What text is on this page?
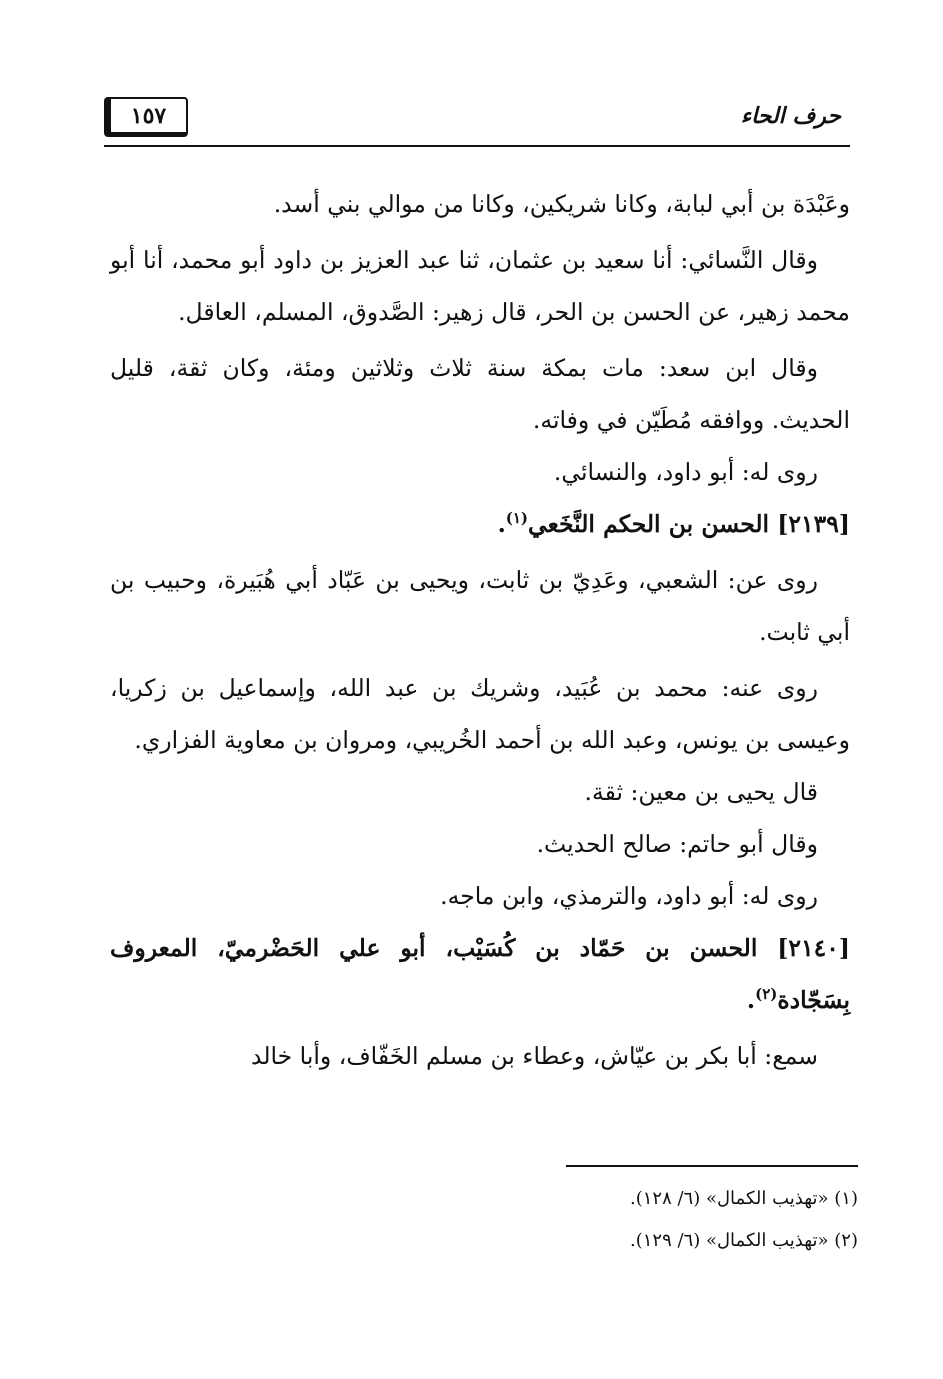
حرف الحاء
١٥٧

وعَبْدَة بن أبي لبابة، وكانا شريكين، وكانا من موالي بني أسد.

وقال النَّسائي: أنا سعيد بن عثمان، ثنا عبد العزيز بن داود أبو محمد، أنا أبو محمد زهير، عن الحسن بن الحر، قال زهير: الصَّدوق، المسلم، العاقل.

وقال ابن سعد: مات بمكة سنة ثلاث وثلاثين ومئة، وكان ثقة، قليل الحديث. ووافقه مُطَيّن في وفاته.

روى له: أبو داود، والنسائي.

[٢١٣٩] الحسن بن الحكم النَّخَعي$^{(١)}$.

روى عن: الشعبي، وعَدِيّ بن ثابت، ويحيى بن عَبّاد أبي هُبَيرة، وحبيب بن أبي ثابت.

روى عنه: محمد بن عُبَيد، وشريك بن عبد الله، وإسماعيل بن زكريا، وعيسى بن يونس، وعبد الله بن أحمد الخُريبي، ومروان بن معاوية الفزاري.

قال يحيى بن معين: ثقة.

وقال أبو حاتم: صالح الحديث.

روى له: أبو داود، والترمذي، وابن ماجه.

[٢١٤٠] الحسن بن حَمّاد بن كُسَيْب، أبو علي الحَضْرميّ، المعروف بِسَجّادة$^{(٢)}$.

سمع: أبا بكر بن عيّاش، وعطاء بن مسلم الخَفّاف، وأبا خالد

(١) «تهذيب الكمال» (٦/ ١٢٨).

(٢) «تهذيب الكمال» (٦/ ١٢٩).
